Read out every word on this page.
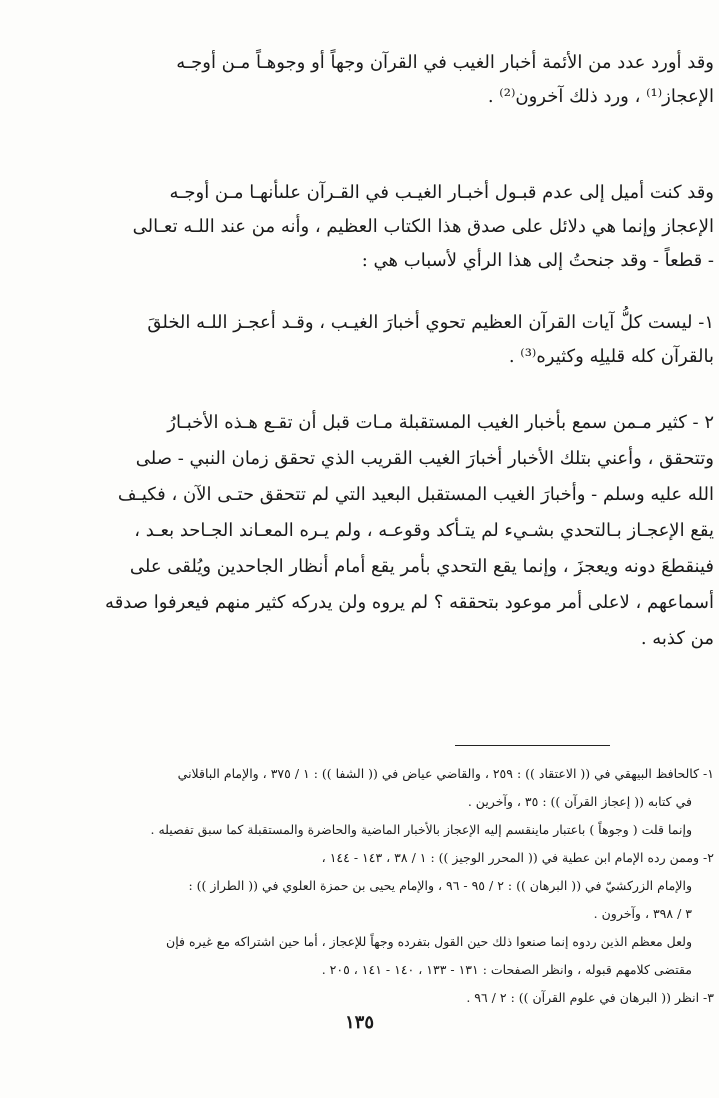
وقد أورد عدد من الأئمة أخبار الغيب في القرآن وجهاً أو وجوهـاً مـن أوجـه
الإعجاز⁽¹⁾ ، ورد ذلك آخرون⁽²⁾ .
وقد كنت أميل إلى عدم قبـول أخبـار الغيـب في القـرآن علىأنهـا مـن أوجـه
الإعجاز وإنما هي دلائل على صدق هذا الكتاب العظيم ، وأنه من عند اللـه تعـالى
- قطعاً - وقد جنحتُ إلى هذا الرأي لأسباب هي :
١- ليست كلُّ آيات القرآن العظيم تحوي أخبارَ الغيـب ، وقـد أعجـز اللـه الخلقَ
بالقرآن كله قليلِه وكثيره⁽³⁾ .
٢ - كثير مـمن سمع بأخبار الغيب المستقبلة مـات قبل أن تقـع هـذه الأخبـارُ
وتتحقق ، وأعني بتلك الأخبار أخبارَ الغيب القريب الذي تحقق زمان النبي - صلى
الله عليه وسلم - وأخبارَ الغيب المستقبل البعيد التي لم تتحقق حتـى الآن ، فكيـف
يقع الإعجـاز بـالتحدي بشـيء لم يتـأكد وقوعـه ، ولم يـره المعـاند الجـاحد بعـد ،
فينقطعَ دونه ويعجزَ ، وإنما يقع التحدي بأمر يقع أمام أنظار الجاحدين ويُلقى على
أسماعهم ، لاعلى أمر موعود بتحققه ؟ لم يروه ولن يدركه كثير منهم فيعرفوا صدقه
من كذبه .
١- كالحافظ البيهقي في (( الاعتقاد )) : ٢٥٩ ، والقاضي عياض في (( الشفا )) : ١ / ٣٧٥ ، والإمام الباقلاني
في كتابه (( إعجاز القرآن )) : ٣٥ ، وآخرين .
وإنما قلت ( وجوهاً ) باعتبار ماينقسم إليه الإعجاز بالأخبار الماضية والحاضرة والمستقبلة كما سبق تفصيله .
٢- وممن رده الإمام ابن عطية في (( المحرر الوجيز )) : ١ / ٣٨ ، ١٤٣ - ١٤٤ ،
والإمام الزركشيّ في (( البرهان )) : ٢ / ٩٥ - ٩٦ ، والإمام يحيى بن حمزة العلوي في (( الطراز )) :
٣ / ٣٩٨ ، وآخرون .
ولعل معظم الذين ردوه إنما صنعوا ذلك حين القول بتفرده وجهاً للإعجاز ، أما حين اشتراكه مع غيره فإن
مقتضى كلامهم قبوله ، وانظر الصفحات : ١٣١ - ١٣٣ ، ١٤٠ - ١٤١ ، ٢٠٥ .
٣- انظر (( البرهان في علوم القرآن )) : ٢ / ٩٦ .
١٣٥
